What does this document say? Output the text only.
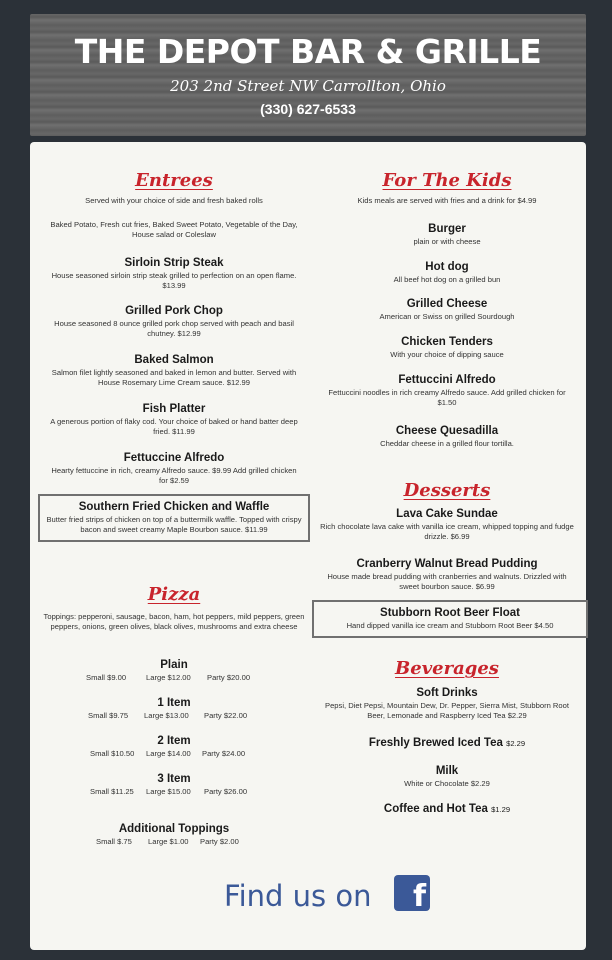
THE DEPOT BAR & GRILLE
203 2nd Street NW Carrollton, Ohio
(330) 627-6533
Entrees
Served with your choice of side and fresh baked rolls
Baked Potato, Fresh cut fries, Baked Sweet Potato, Vegetable of the Day, House salad or Coleslaw
Sirloin Strip Steak
House seasoned sirloin strip steak grilled to perfection on an open flame. $13.99
Grilled Pork Chop
House seasoned 8 ounce grilled pork chop served with peach and basil chutney. $12.99
Baked Salmon
Salmon filet lightly seasoned and baked in lemon and butter. Served with House Rosemary Lime Cream sauce. $12.99
Fish Platter
A generous portion of flaky cod. Your choice of baked or hand batter deep fried. $11.99
Fettuccine Alfredo
Hearty fettuccine in rich, creamy Alfredo sauce. $9.99 Add grilled chicken for $2.59
Southern Fried Chicken and Waffle
Butter fried strips of chicken on top of a buttermilk waffle. Topped with crispy bacon and sweet creamy Maple Bourbon sauce. $11.99
Pizza
Toppings: pepperoni, sausage, bacon, ham, hot peppers, mild peppers, green peppers, onions, green olives, black olives, mushrooms and extra cheese
Plain
Small $9.00	Large $12.00 Party $20.00
1 Item
Small $9.75 Large $13.00 Party $22.00
2 Item
Small $10.50 Large $14.00 Party $24.00
3 Item
Small $11.25 Large $15.00 Party $26.00
Additional Toppings
Small $.75 Large $1.00 Party $2.00
For The Kids
Kids meals are served with fries and a drink for $4.99
Burger
plain or with cheese
Hot dog
All beef hot dog on a grilled bun
Grilled Cheese
American or Swiss on grilled Sourdough
Chicken Tenders
With your choice of dipping sauce
Fettuccini Alfredo
Fettuccini noodles in rich creamy Alfredo sauce. Add grilled chicken for $1.50
Cheese Quesadilla
Cheddar cheese in a grilled flour tortilla.
Desserts
Lava Cake Sundae
Rich chocolate lava cake with vanilla ice cream, whipped topping and fudge drizzle. $6.99
Cranberry Walnut Bread Pudding
House made bread pudding with cranberries and walnuts. Drizzled with sweet bourbon sauce. $6.99
Stubborn Root Beer Float
Hand dipped vanilla ice cream and Stubborn Root Beer $4.50
Beverages
Soft Drinks
Pepsi, Diet Pepsi, Mountain Dew, Dr. Pepper, Sierra Mist, Stubborn Root Beer, Lemonade and Raspberry Iced Tea $2.29
Freshly Brewed Iced Tea $2.29
Milk
White or Chocolate $2.29
Coffee and Hot Tea $1.29
Find us on	f
